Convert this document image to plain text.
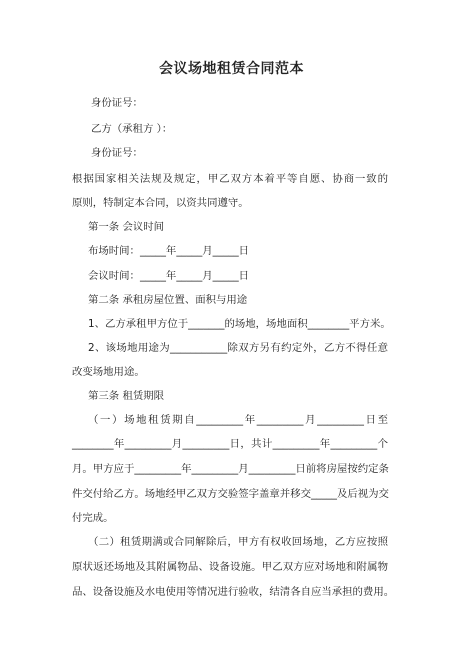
会议场地租赁合同范本
身份证号：
乙方（承租方 ）：
身份证号：
根据国家相关法规及规定，甲乙双方本着平等自愿、协商一致的
原则，特制定本合同，以资共同遵守。
第一条 会议时间
布场时间：_____年_____月_____日
会议时间：_____年_____月_____日
第二条 承租房屋位置、面积与用途
1、乙方承租甲方位于_______的场地，场地面积________平方米。
2、该场地用途为___________除双方另有约定外，乙方不得任意
改变场地用途。
第三条 租赁期限
（一）场地租赁期自_________年_________月_________日至
________年_________月_________日，共计_________年_________个
月。甲方应于_________年_________月_________日前将房屋按约定条
件交付给乙方。场地经甲乙双方交验签字盖章并移交_____及后视为交
付完成。
（二）租赁期满或合同解除后，甲方有权收回场地，乙方应按照
原状返还场地及其附属物品、设备设施。甲乙双方应对场地和附属物
品、设备设施及水电使用等情况进行验收，结清各自应当承担的费用。
